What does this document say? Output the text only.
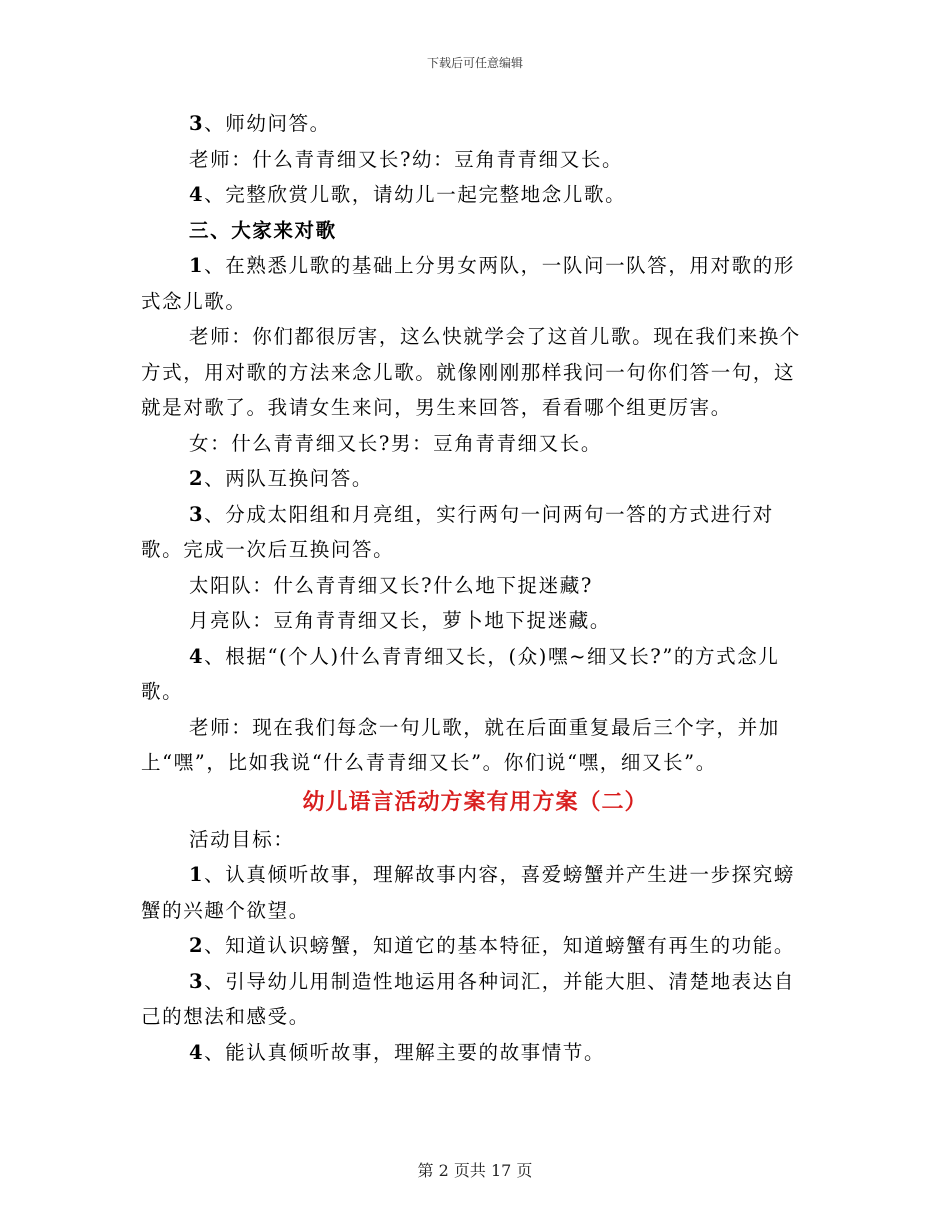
下载后可任意编辑

3、师幼问答。

老师：什么青青细又长?幼：豆角青青细又长。

4、完整欣赏儿歌，请幼儿一起完整地念儿歌。

三、大家来对歌

1、在熟悉儿歌的基础上分男女两队，一队问一队答，用对歌的形式念儿歌。

老师：你们都很厉害，这么快就学会了这首儿歌。现在我们来换个方式，用对歌的方法来念儿歌。就像刚刚那样我问一句你们答一句，这就是对歌了。我请女生来问，男生来回答，看看哪个组更厉害。

女：什么青青细又长?男：豆角青青细又长。

2、两队互换问答。

3、分成太阳组和月亮组，实行两句一问两句一答的方式进行对歌。完成一次后互换问答。

太阳队：什么青青细又长?什么地下捉迷藏?

月亮队：豆角青青细又长，萝卜地下捉迷藏。

4、根据“(个人)什么青青细又长，(众)嘿~细又长?”的方式念儿歌。

老师：现在我们每念一句儿歌，就在后面重复最后三个字，并加上“嘿”，比如我说“什么青青细又长”。你们说“嘿，细又长”。

幼儿语言活动方案有用方案（二）

活动目标：

1、认真倾听故事，理解故事内容，喜爱螃蟹并产生进一步探究螃蟹的兴趣个欲望。

2、知道认识螃蟹，知道它的基本特征，知道螃蟹有再生的功能。

3、引导幼儿用制造性地运用各种词汇，并能大胆、清楚地表达自己的想法和感受。

4、能认真倾听故事，理解主要的故事情节。

第 2 页共 17 页
